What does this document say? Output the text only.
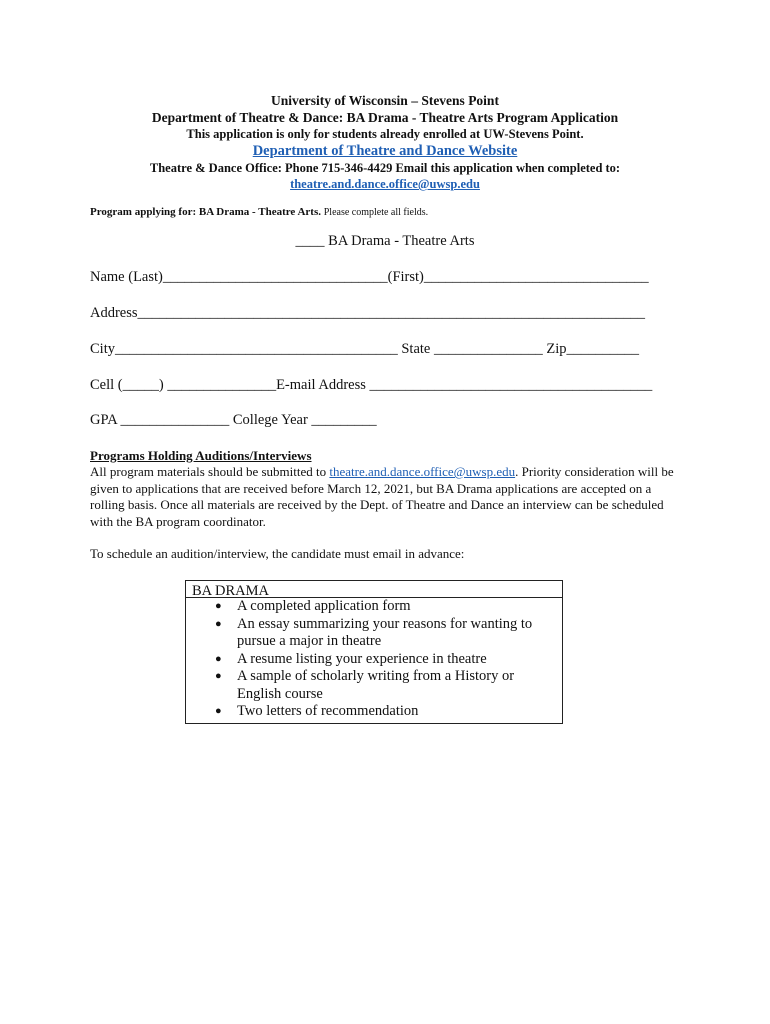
University of Wisconsin – Stevens Point
Department of Theatre & Dance: BA Drama - Theatre Arts Program Application
This application is only for students already enrolled at UW-Stevens Point.
Department of Theatre and Dance Website
Theatre & Dance Office: Phone 715-346-4429 Email this application when completed to:
theatre.and.dance.office@uwsp.edu
Program applying for: BA Drama - Theatre Arts. Please complete all fields.
____ BA Drama - Theatre Arts
Name (Last)_______________________________(First)_______________________________
Address______________________________________________________________________
City_______________________________________ State _______________ Zip__________
Cell (_____) _______________E-mail Address _______________________________________
GPA _______________ College Year _________
Programs Holding Auditions/Interviews
All program materials should be submitted to theatre.and.dance.office@uwsp.edu. Priority consideration will be given to applications that are received before March 12, 2021, but BA Drama applications are accepted on a rolling basis. Once all materials are received by the Dept. of Theatre and Dance an interview can be scheduled with the BA program coordinator.
To schedule an audition/interview, the candidate must email in advance:
BA DRAMA
● A completed application form
● An essay summarizing your reasons for wanting to pursue a major in theatre
● A resume listing your experience in theatre
● A sample of scholarly writing from a History or English course
● Two letters of recommendation
